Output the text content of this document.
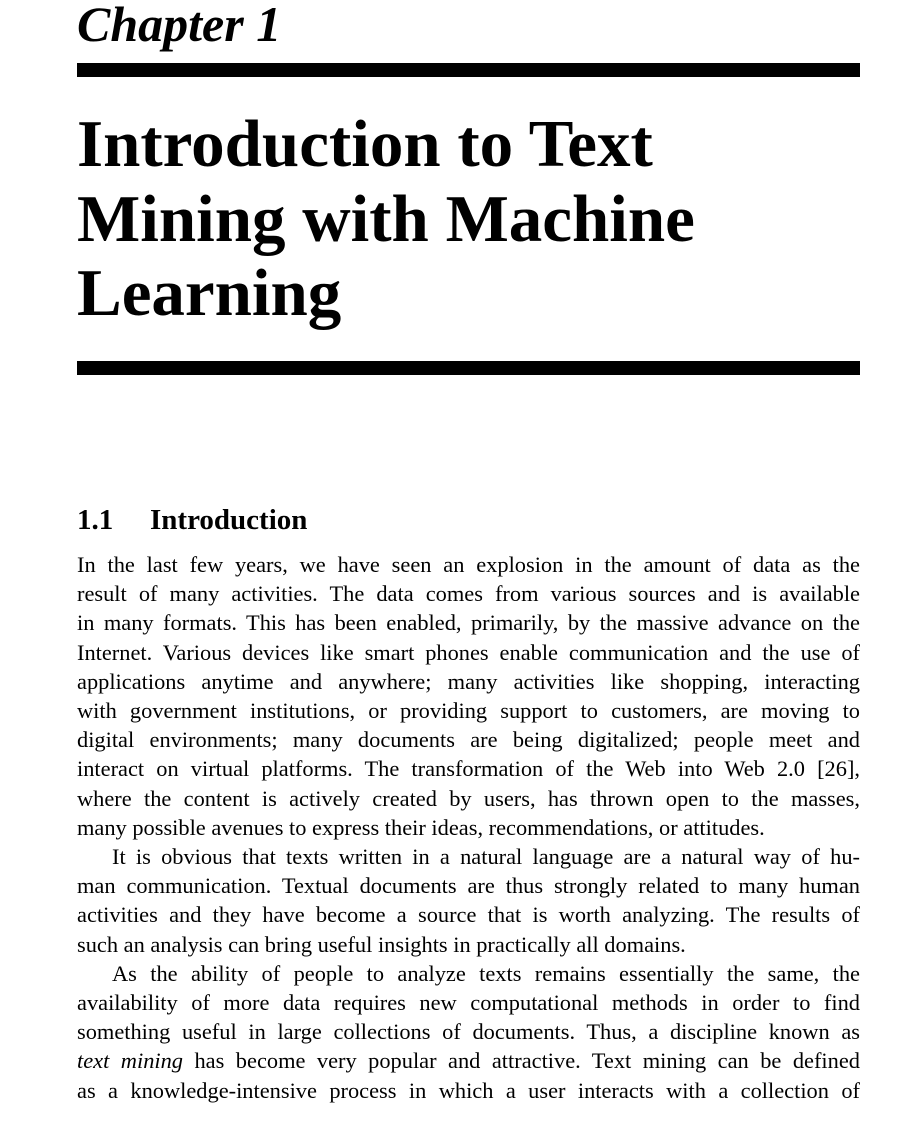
Chapter 1
Introduction to Text
Mining with Machine
Learning
1.1 Introduction
In the last few years, we have seen an explosion in the amount of data as the
result of many activities. The data comes from various sources and is available
in many formats. This has been enabled, primarily, by the massive advance on the
Internet. Various devices like smart phones enable communication and the use of
applications anytime and anywhere; many activities like shopping, interacting
with government institutions, or providing support to customers, are moving to
digital environments; many documents are being digitalized; people meet and
interact on virtual platforms. The transformation of the Web into Web 2.0 [26],
where the content is actively created by users, has thrown open to the masses,
many possible avenues to express their ideas, recommendations, or attitudes.
It is obvious that texts written in a natural language are a natural way of hu-
man communication. Textual documents are thus strongly related to many human
activities and they have become a source that is worth analyzing. The results of
such an analysis can bring useful insights in practically all domains.
As the ability of people to analyze texts remains essentially the same, the
availability of more data requires new computational methods in order to find
something useful in large collections of documents. Thus, a discipline known as
text mining has become very popular and attractive. Text mining can be defined
as a knowledge-intensive process in which a user interacts with a collection of
